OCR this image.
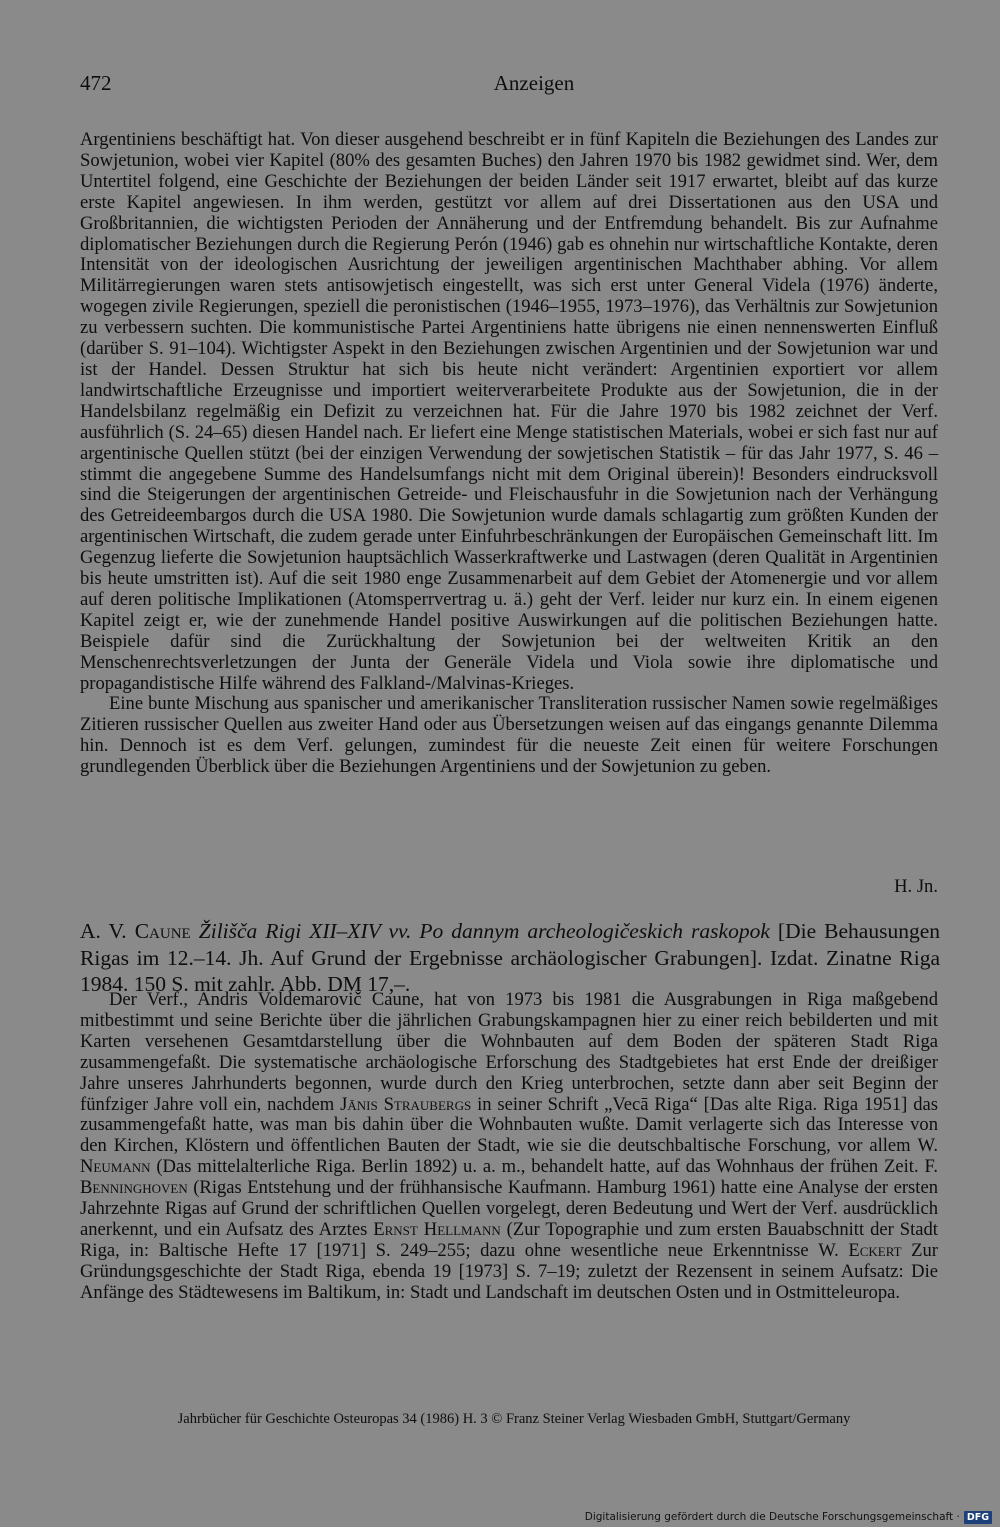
472	Anzeigen

Argentiniens beschäftigt hat. Von dieser ausgehend beschreibt er in fünf Kapiteln die Beziehungen des Landes zur Sowjetunion, wobei vier Kapitel (80% des gesamten Buches) den Jahren 1970 bis 1982 gewidmet sind. Wer, dem Untertitel folgend, eine Geschichte der Beziehungen der beiden Länder seit 1917 erwartet, bleibt auf das kurze erste Kapitel angewiesen. In ihm werden, gestützt vor allem auf drei Dissertationen aus den USA und Großbritannien, die wichtigsten Perioden der Annäherung und der Entfremdung behandelt. Bis zur Aufnahme diplomatischer Beziehungen durch die Regierung Perón (1946) gab es ohnehin nur wirtschaftliche Kontakte, deren Intensität von der ideologischen Ausrichtung der jeweiligen argentinischen Machthaber abhing. Vor allem Militärregierungen waren stets antisowjetisch eingestellt, was sich erst unter General Videla (1976) änderte, wogegen zivile Regierungen, speziell die peronistischen (1946–1955, 1973–1976), das Verhältnis zur Sowjetunion zu verbessern suchten. Die kommunistische Partei Argentiniens hatte übrigens nie einen nennenswerten Einfluß (darüber S. 91–104). Wichtigster Aspekt in den Beziehungen zwischen Argentinien und der Sowjetunion war und ist der Handel. Dessen Struktur hat sich bis heute nicht verändert: Argentinien exportiert vor allem landwirtschaftliche Erzeugnisse und importiert weiterverarbeitete Produkte aus der Sowjetunion, die in der Handelsbilanz regelmäßig ein Defizit zu verzeichnen hat. Für die Jahre 1970 bis 1982 zeichnet der Verf. ausführlich (S. 24–65) diesen Handel nach. Er liefert eine Menge statistischen Materials, wobei er sich fast nur auf argentinische Quellen stützt (bei der einzigen Verwendung der sowjetischen Statistik – für das Jahr 1977, S. 46 – stimmt die angegebene Summe des Handelsumfangs nicht mit dem Original überein)! Besonders eindrucksvoll sind die Steigerungen der argentinischen Getreide- und Fleischausfuhr in die Sowjetunion nach der Verhängung des Getreideembargos durch die USA 1980. Die Sowjetunion wurde damals schlagartig zum größten Kunden der argentinischen Wirtschaft, die zudem gerade unter Einfuhrbeschränkungen der Europäischen Gemeinschaft litt. Im Gegenzug lieferte die Sowjetunion hauptsächlich Wasserkraftwerke und Lastwagen (deren Qualität in Argentinien bis heute umstritten ist). Auf die seit 1980 enge Zusammenarbeit auf dem Gebiet der Atomenergie und vor allem auf deren politische Implikationen (Atomsperrvertrag u. ä.) geht der Verf. leider nur kurz ein. In einem eigenen Kapitel zeigt er, wie der zunehmende Handel positive Auswirkungen auf die politischen Beziehungen hatte. Beispiele dafür sind die Zurückhaltung der Sowjetunion bei der weltweiten Kritik an den Menschenrechtsverletzungen der Junta der Generäle Videla und Viola sowie ihre diplomatische und propagandistische Hilfe während des Falkland-/Malvinas-Krieges.

Eine bunte Mischung aus spanischer und amerikanischer Transliteration russischer Namen sowie regelmäßiges Zitieren russischer Quellen aus zweiter Hand oder aus Übersetzungen weisen auf das eingangs genannte Dilemma hin. Dennoch ist es dem Verf. gelungen, zumindest für die neueste Zeit einen für weitere Forschungen grundlegenden Überblick über die Beziehungen Argentiniens und der Sowjetunion zu geben.

H. Jn.
A. V. Caune Žilišča Rigi XII–XIV vv. Po dannym archeologičeskich raskopok [Die Behausungen Rigas im 12.–14. Jh. Auf Grund der Ergebnisse archäologischer Grabungen]. Izdat. Zinatne Riga 1984. 150 S. mit zahlr. Abb. DM 17,–.

Der Verf., Andris Voldemarovič Caune, hat von 1973 bis 1981 die Ausgrabungen in Riga maßgebend mitbestimmt und seine Berichte über die jährlichen Grabungskampagnen hier zu einer reich bebilderten und mit Karten versehenen Gesamtdarstellung über die Wohnbauten auf dem Boden der späteren Stadt Riga zusammengefaßt. Die systematische archäologische Erforschung des Stadtgebietes hat erst Ende der dreißiger Jahre unseres Jahrhunderts begonnen, wurde durch den Krieg unterbrochen, setzte dann aber seit Beginn der fünfziger Jahre voll ein, nachdem Jānis Straubergs in seiner Schrift „Vecā Riga“ [Das alte Riga. Riga 1951] das zusammengefaßt hatte, was man bis dahin über die Wohnbauten wußte. Damit verlagerte sich das Interesse von den Kirchen, Klöstern und öffentlichen Bauten der Stadt, wie sie die deutschbaltische Forschung, vor allem W. Neumann (Das mittelalterliche Riga. Berlin 1892) u. a. m., behandelt hatte, auf das Wohnhaus der frühen Zeit. F. Benninghoven (Rigas Entstehung und der frühhansische Kaufmann. Hamburg 1961) hatte eine Analyse der ersten Jahrzehnte Rigas auf Grund der schriftlichen Quellen vorgelegt, deren Bedeutung und Wert der Verf. ausdrücklich anerkennt, und ein Aufsatz des Arztes Ernst Hellmann (Zur Topographie und zum ersten Bauabschnitt der Stadt Riga, in: Baltische Hefte 17 [1971] S. 249–255; dazu ohne wesentliche neue Erkenntnisse W. Eckert Zur Gründungsgeschichte der Stadt Riga, ebenda 19 [1973] S. 7–19; zuletzt der Rezensent in seinem Aufsatz: Die Anfänge des Städtewesens im Baltikum, in: Stadt und Landschaft im deutschen Osten und in Ostmitteleuropa.

Jahrbücher für Geschichte Osteuropas 34 (1986) H. 3 © Franz Steiner Verlag Wiesbaden GmbH, Stuttgart/Germany
Digitalisierung gefördert durch die Deutsche Forschungsgemeinschaft · DFG
